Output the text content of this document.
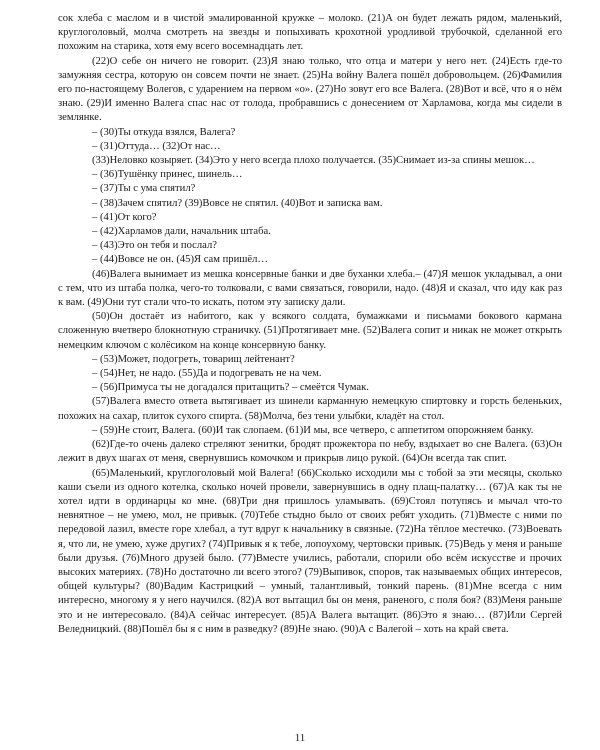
сок хлеба с маслом и в чистой эмалированной кружке – молоко. (21)А он будет лежать рядом, маленький, круглоголовый, молча смотреть на звезды и попыхивать крохотной уродливой трубочкой, сделанной его похожим на старика, хотя ему всего восемнадцать лет.

(22)О себе он ничего не говорит. (23)Я знаю только, что отца и матери у него нет. (24)Есть где-то замужняя сестра, которую он совсем почти не знает. (25)На войну Валега пошёл добровольцем. (26)Фамилия его по-настоящему Волегов, с ударением на первом «о». (27)Но зовут его все Валега. (28)Вот и всё, что я о нём знаю. (29)И именно Валега спас нас от голода, пробравшись с донесением от Харламова, когда мы сидели в землянке.

– (30)Ты откуда взялся, Валега?

– (31)Оттуда… (32)От нас…

(33)Неловко козыряет. (34)Это у него всегда плохо получается. (35)Снимает из-за спины мешок…

– (36)Тушёнку принес, шинель…

– (37)Ты с ума спятил?

– (38)Зачем спятил? (39)Вовсе не спятил. (40)Вот и записка вам.

– (41)От кого?

– (42)Харламов дали, начальник штаба.

– (43)Это он тебя и послал?

– (44)Вовсе не он. (45)Я сам пришёл…

(46)Валега вынимает из мешка консервные банки и две буханки хлеба.– (47)Я мешок укладывал, а они с тем, что из штаба полка, чего-то толковали, с вами связаться, говорили, надо. (48)Я и сказал, что иду как раз к вам. (49)Они тут стали что-то искать, потом эту записку дали.

(50)Он достаёт из набитого, как у всякого солдата, бумажками и письмами бокового кармана сложенную вчетверо блокнотную страничку. (51)Протягивает мне. (52)Валега сопит и никак не может открыть немецким ключом с колёсиком на конце консервную банку.

– (53)Может, подогреть, товарищ лейтенант?

– (54)Нет, не надо. (55)Да и подогревать не на чем.

– (56)Примуса ты не догадался притащить? – смеётся Чумак.

(57)Валега вместо ответа вытягивает из шинели карманную немецкую спиртовку и горсть беленьких, похожих на сахар, плиток сухого спирта. (58)Молча, без тени улыбки, кладёт на стол.

– (59)Не стоит, Валега. (60)И так слопаем. (61)И мы, все четверо, с аппетитом опорожняем банку.

(62)Где-то очень далеко стреляют зенитки, бродят прожектора по небу, вздыхает во сне Валега. (63)Он лежит в двух шагах от меня, свернувшись комочком и прикрыв лицо рукой. (64)Он всегда так спит.

(65)Маленький, круглоголовый мой Валега! (66)Сколько исходили мы с тобой за эти месяцы, сколько каши съели из одного котелка, сколько ночей провели, завернувшись в одну плащ-палатку… (67)А как ты не хотел идти в ординарцы ко мне. (68)Три дня пришлось уламывать. (69)Стоял потупясь и мычал что-то невнятное – не умею, мол, не привык. (70)Тебе стыдно было от своих ребят уходить. (71)Вместе с ними по передовой лазил, вместе горе хлебал, а тут вдруг к начальнику в связные. (72)На тёплое местечко. (73)Воевать я, что ли, не умею, хуже других? (74)Привык я к тебе, лопоухому, чертовски привык. (75)Ведь у меня и раньше были друзья. (76)Много друзей было. (77)Вместе учились, работали, спорили обо всём искусстве и прочих высоких материях. (78)Но достаточно ли всего этого? (79)Выпивок, споров, так называемых общих интересов, общей культуры? (80)Вадим Кастрицкий – умный, талантливый, тонкий парень. (81)Мне всегда с ним интересно, многому я у него научился. (82)А вот вытащил бы он меня, раненого, с поля боя? (83)Меня раньше это и не интересовало. (84)А сейчас интересует. (85)А Валега вытащит. (86)Это я знаю… (87)Или Сергей Веледницкий. (88)Пошёл бы я с ним в разведку? (89)Не знаю. (90)А с Валегой – хоть на край света.

11
